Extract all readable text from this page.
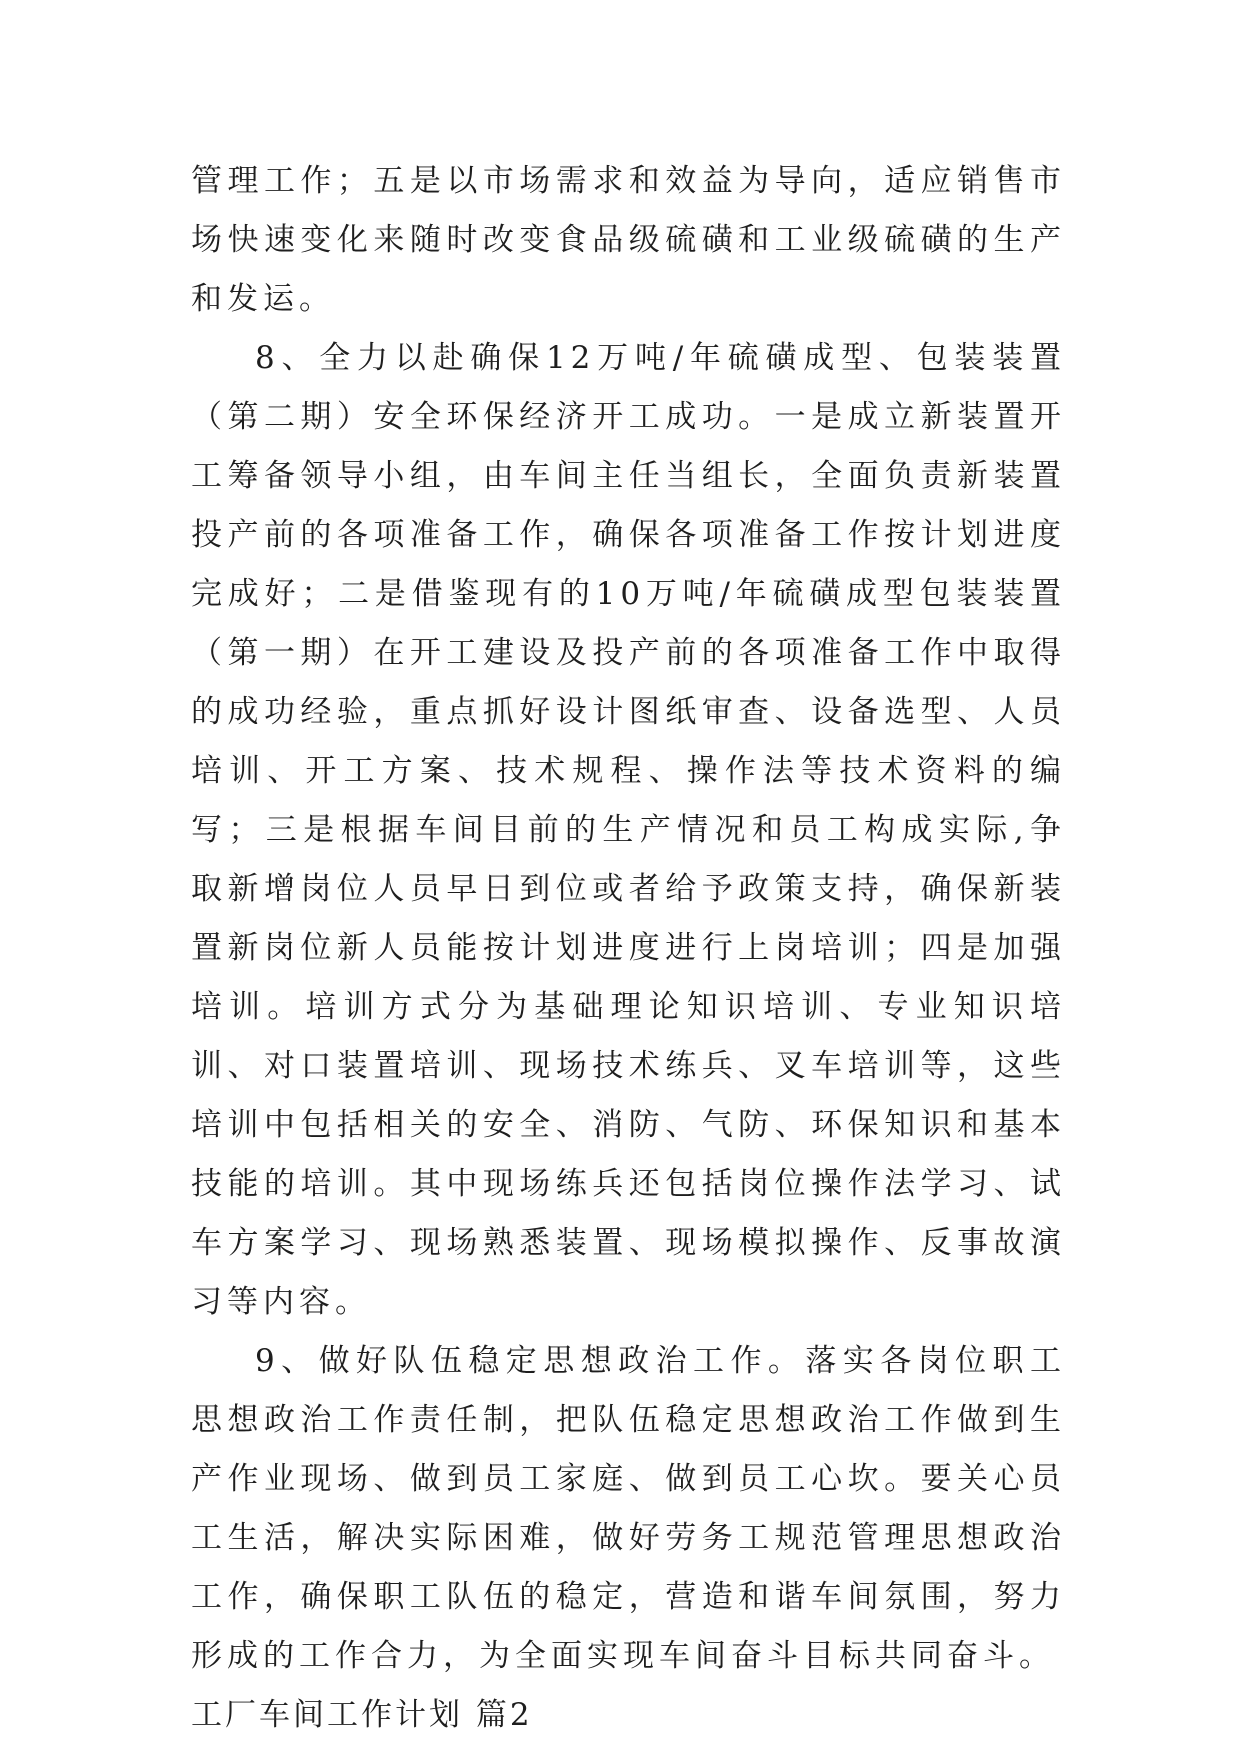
管理工作；五是以市场需求和效益为导向，适应销售市场快速变化来随时改变食品级硫磺和工业级硫磺的生产和发运。

8、全力以赴确保12万吨/年硫磺成型、包装装置（第二期）安全环保经济开工成功。一是成立新装置开工筹备领导小组，由车间主任当组长，全面负责新装置投产前的各项准备工作，确保各项准备工作按计划进度完成好；二是借鉴现有的10万吨/年硫磺成型包装装置（第一期）在开工建设及投产前的各项准备工作中取得的成功经验，重点抓好设计图纸审查、设备选型、人员培训、开工方案、技术规程、操作法等技术资料的编写；三是根据车间目前的生产情况和员工构成实际,争取新增岗位人员早日到位或者给予政策支持，确保新装置新岗位新人员能按计划进度进行上岗培训；四是加强培训。培训方式分为基础理论知识培训、专业知识培训、对口装置培训、现场技术练兵、叉车培训等，这些培训中包括相关的安全、消防、气防、环保知识和基本技能的培训。其中现场练兵还包括岗位操作法学习、试车方案学习、现场熟悉装置、现场模拟操作、反事故演习等内容。

9、做好队伍稳定思想政治工作。落实各岗位职工思想政治工作责任制，把队伍稳定思想政治工作做到生产作业现场、做到员工家庭、做到员工心坎。要关心员工生活，解决实际困难，做好劳务工规范管理思想政治工作，确保职工队伍的稳定，营造和谐车间氛围，努力形成的工作合力，为全面实现车间奋斗目标共同奋斗。

工厂车间工作计划 篇2
